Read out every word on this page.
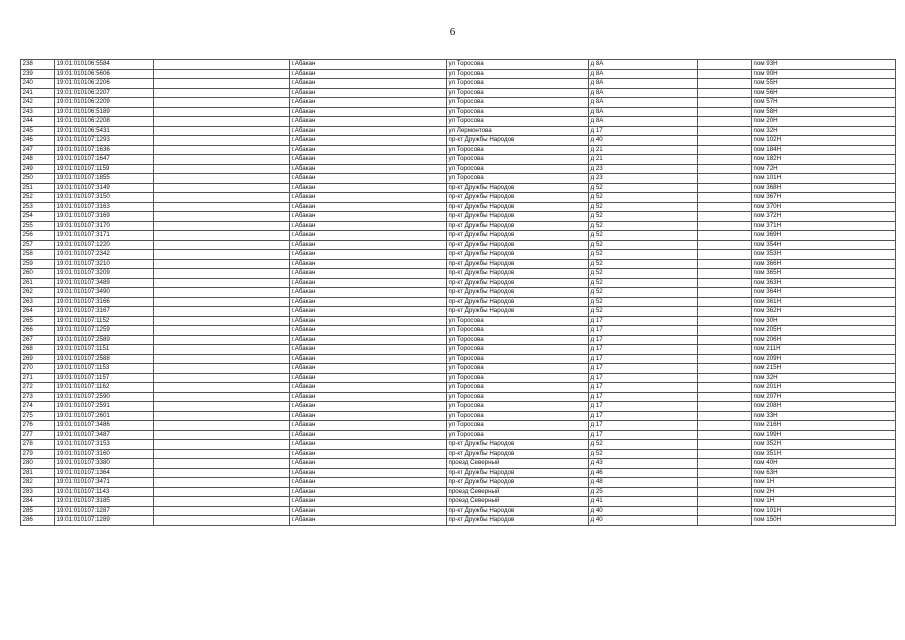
6
238	19:01:010106:5584		г.Абакан	ул Торосова	д 8А		пом 93Н
239	19:01:010106:5606		г.Абакан	ул Торосова	д 8А		пом 90Н
240	19:01:010106:2206		г.Абакан	ул Торосова	д 8А		пом 55Н
241	19:01:010106:2207		г.Абакан	ул Торосова	д 8А		пом 56Н
242	19:01:010106:2209		г.Абакан	ул Торосова	д 8А		пом 57Н
243	19:01:010106:5189		г.Абакан	ул Торосова	д 8А		пом 58Н
244	19:01:010106:2208		г.Абакан	ул Торосова	д 8А		пом 20Н
245	19:01:010106:5431		г.Абакан	ул Лермонтова	д 17		пом 32Н
246	19:01:010107:1293		г.Абакан	пр-кт Дружбы Народов	д 40		пом 102Н
247	19:01:010107:1636		г.Абакан	ул Торосова	д 21		пом 184Н
248	19:01:010107:1647		г.Абакан	ул Торосова	д 21		пом 182Н
249	19:01:010107:1159		г.Абакан	ул Торосова	д 23		пом 72Н
250	19:01:010107:1855		г.Абакан	ул Торосова	д 23		пом 101Н
251	19:01:010107:3149		г.Абакан	пр-кт Дружбы Народов	д 52		пом 368Н
252	19:01:010107:3150		г.Абакан	пр-кт Дружбы Народов	д 52		пом 367Н
253	19:01:010107:3163		г.Абакан	пр-кт Дружбы Народов	д 52		пом 370Н
254	19:01:010107:3169		г.Абакан	пр-кт Дружбы Народов	д 52		пом 372Н
255	19:01:010107:3170		г.Абакан	пр-кт Дружбы Народов	д 52		пом 371Н
256	19:01:010107:3171		г.Абакан	пр-кт Дружбы Народов	д 52		пом 369Н
257	19:01:010107:1220		г.Абакан	пр-кт Дружбы Народов	д 52		пом 354Н
258	19:01:010107:2342		г.Абакан	пр-кт Дружбы Народов	д 52		пом 353Н
259	19:01:010107:3210		г.Абакан	пр-кт Дружбы Народов	д 52		пом 366Н
260	19:01:010107:3209		г.Абакан	пр-кт Дружбы Народов	д 52		пом 365Н
261	19:01:010107:3489		г.Абакан	пр-кт Дружбы Народов	д 52		пом 363Н
262	19:01:010107:3490		г.Абакан	пр-кт Дружбы Народов	д 52		пом 364Н
263	19:01:010107:3166		г.Абакан	пр-кт Дружбы Народов	д 52		пом 361Н
264	19:01:010107:3167		г.Абакан	пр-кт Дружбы Народов	д 52		пом 362Н
265	19:01:010107:1152		г.Абакан	ул Торосова	д 17		пом 30Н
266	19:01:010107:1259		г.Абакан	ул Торосова	д 17		пом 205Н
267	19:01:010107:2589		г.Абакан	ул Торосова	д 17		пом 206Н
268	19:01:010107:1151		г.Абакан	ул Торосова	д 17		пом 211Н
269	19:01:010107:2588		г.Абакан	ул Торосова	д 17		пом 209Н
270	19:01:010107:1153		г.Абакан	ул Торосова	д 17		пом 215Н
271	19:01:010107:1157		г.Абакан	ул Торосова	д 17		пом 32Н
272	19:01:010107:1162		г.Абакан	ул Торосова	д 17		пом 201Н
273	19:01:010107:2590		г.Абакан	ул Торосова	д 17		пом 207Н
274	19:01:010107:2591		г.Абакан	ул Торосова	д 17		пом 208Н
275	19:01:010107:2601		г.Абакан	ул Торосова	д 17		пом 33Н
276	19:01:010107:3486		г.Абакан	ул Торосова	д 17		пом 216Н
277	19:01:010107:3487		г.Абакан	ул Торосова	д 17		пом 199Н
278	19:01:010107:3153		г.Абакан	пр-кт Дружбы Народов	д 52		пом 352Н
279	19:01:010107:3160		г.Абакан	пр-кт Дружбы Народов	д 52		пом 351Н
280	19:01:010107:3380		г.Абакан	проезд Северный	д 43		пом 40Н
281	19:01:010107:1364		г.Абакан	пр-кт Дружбы Народов	д 46		пом 63Н
282	19:01:010107:3471		г.Абакан	пр-кт Дружбы Народов	д 48		пом 1Н
283	19:01:010107:1143		г.Абакан	проезд Северный	д 25		пом 2Н
284	19:01:010107:3185		г.Абакан	проезд Северный	д 41		пом 1Н
285	19:01:010107:1287		г.Абакан	пр-кт Дружбы Народов	д 40		пом 101Н
286	19:01:010107:1289		г.Абакан	пр-кт Дружбы Народов	д 40		пом 150Н
